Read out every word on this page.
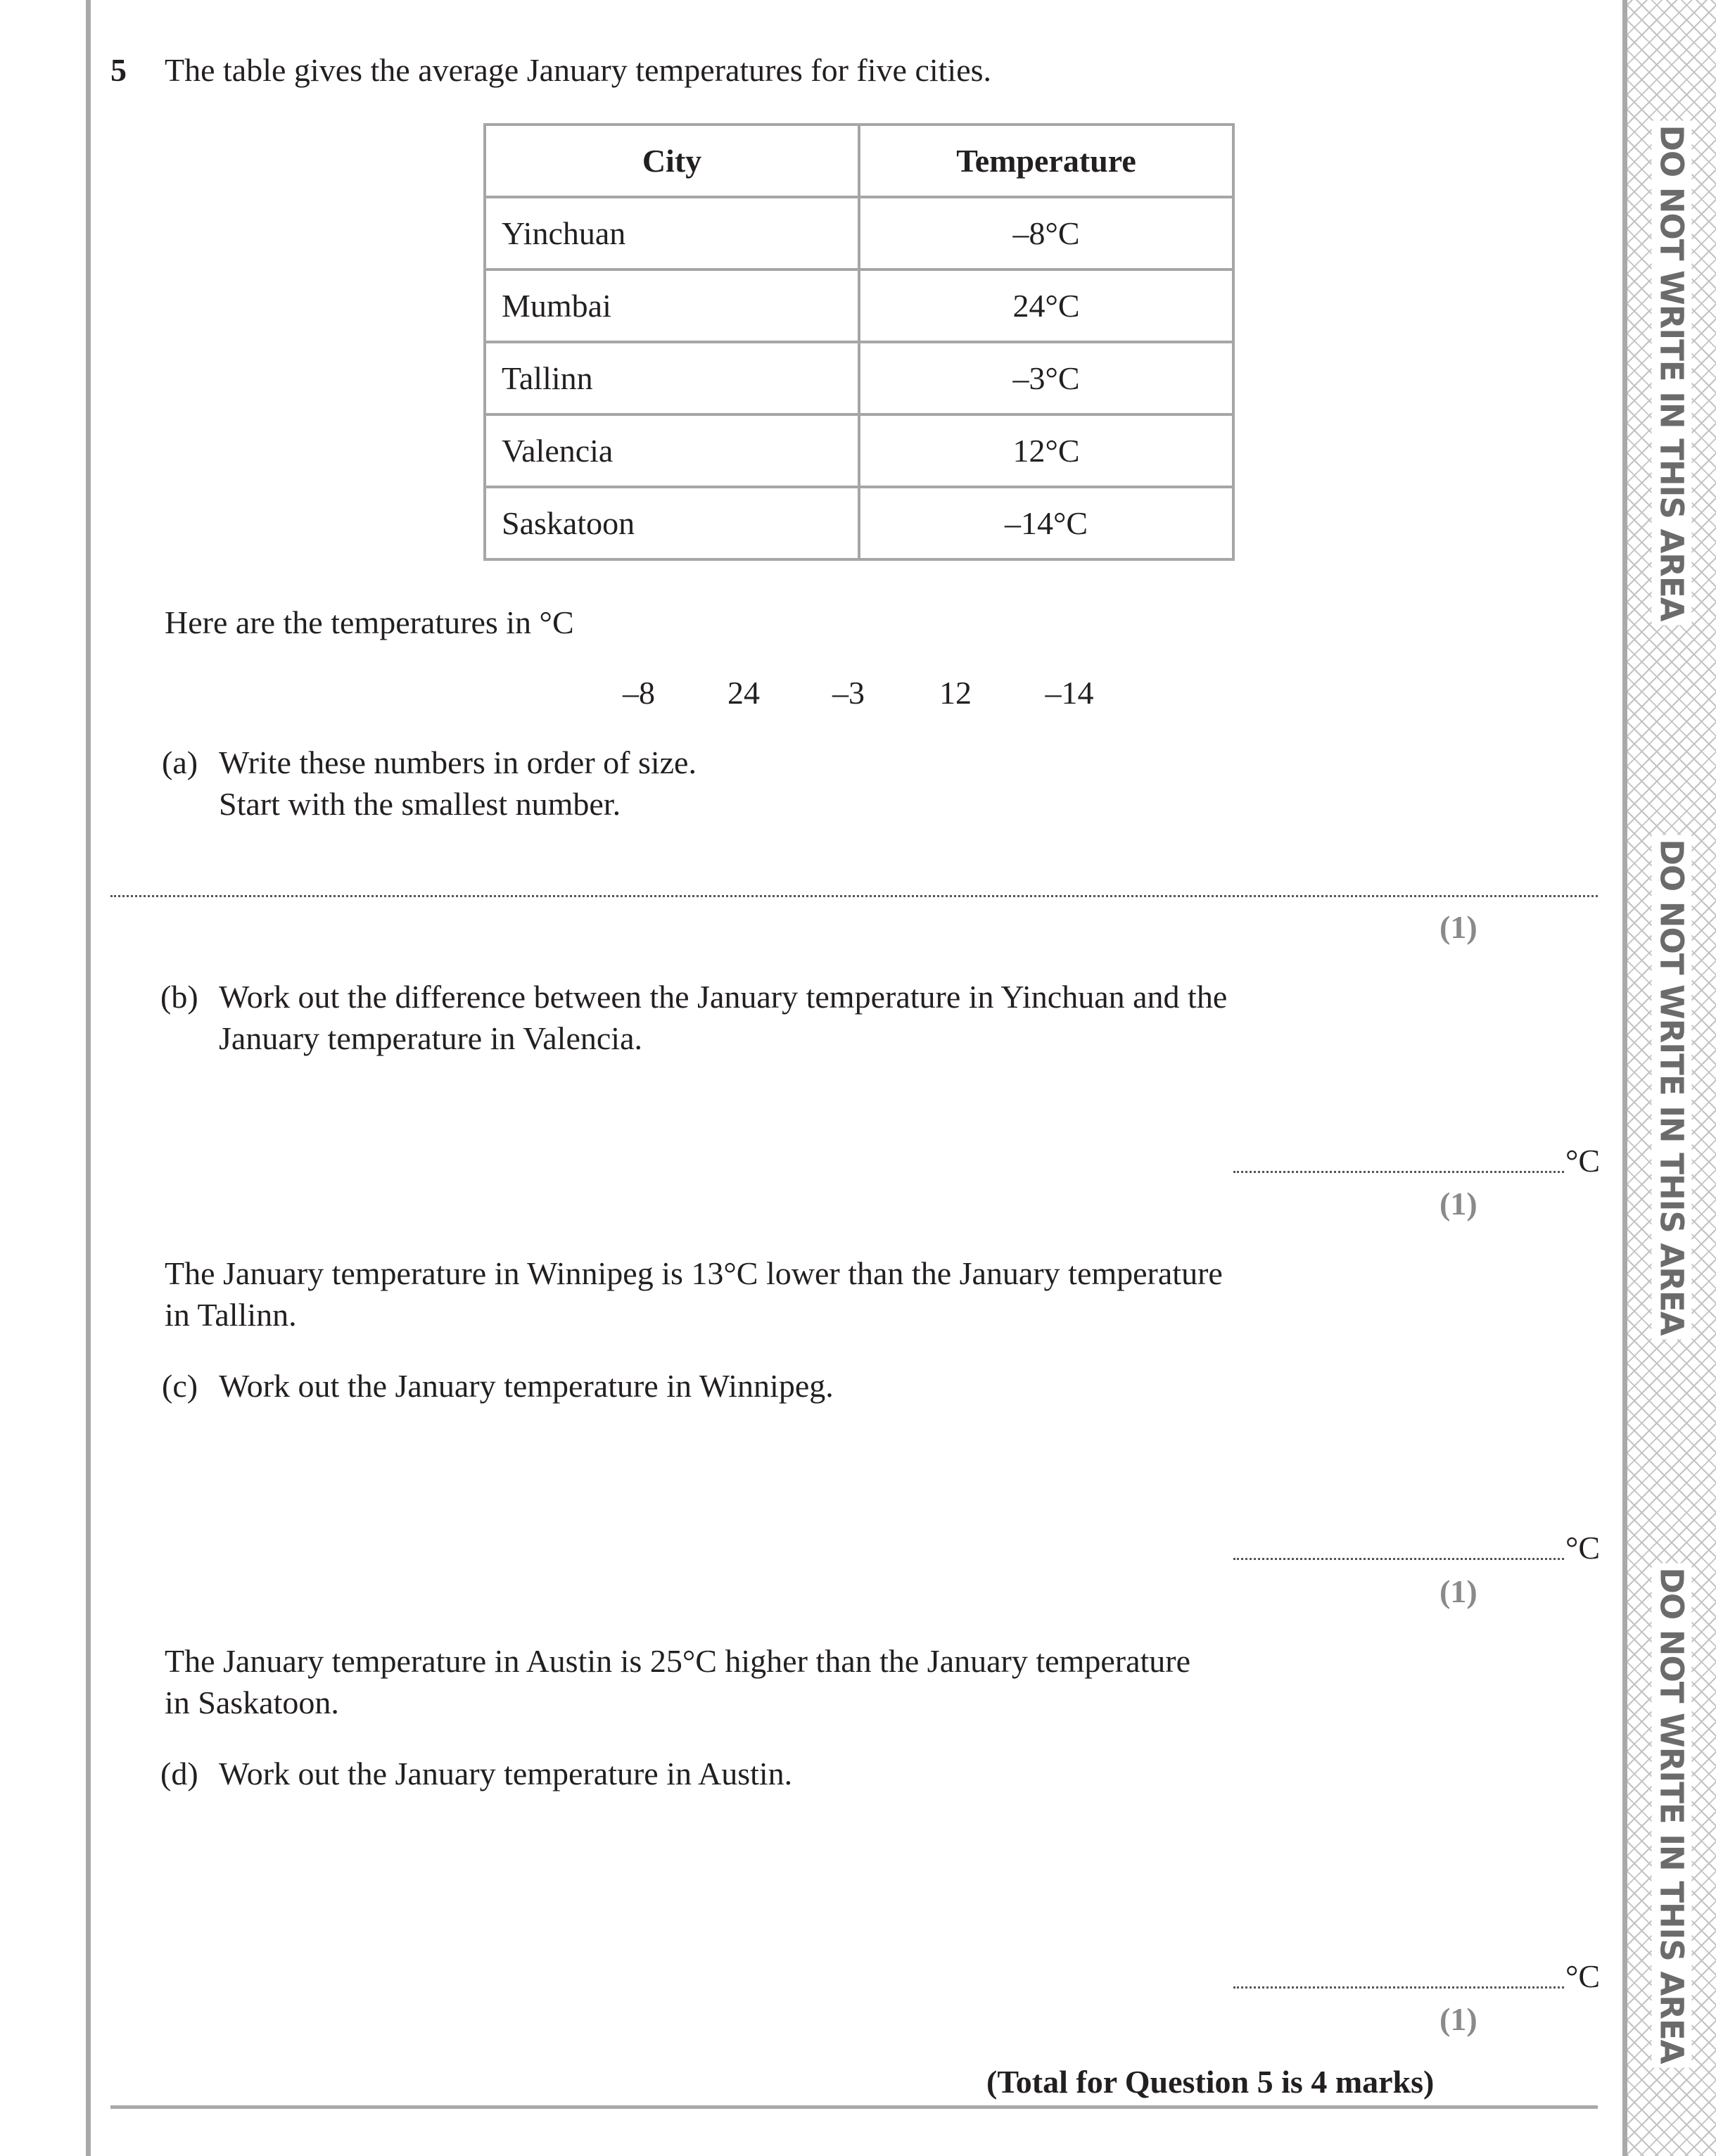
DO NOT WRITE IN THIS AREA
DO NOT WRITE IN THIS AREA
DO NOT WRITE IN THIS AREA
5 The table gives the average January temperatures for five cities.
City	Temperature
Yinchuan	–8°C
Mumbai	24°C
Tallinn	–3°C
Valencia	12°C
Saskatoon	–14°C
Here are the temperatures in °C
–8 24 –3 12 –14
(a) Write these numbers in order of size.
Start with the smallest number.
(1)
(b) Work out the difference between the January temperature in Yinchuan and the
January temperature in Valencia.
°C
(1)
The January temperature in Winnipeg is 13°C lower than the January temperature
in Tallinn.
(c) Work out the January temperature in Winnipeg.
°C
(1)
The January temperature in Austin is 25°C higher than the January temperature
in Saskatoon.
(d) Work out the January temperature in Austin.
°C
(1)
(Total for Question 5 is 4 marks)
